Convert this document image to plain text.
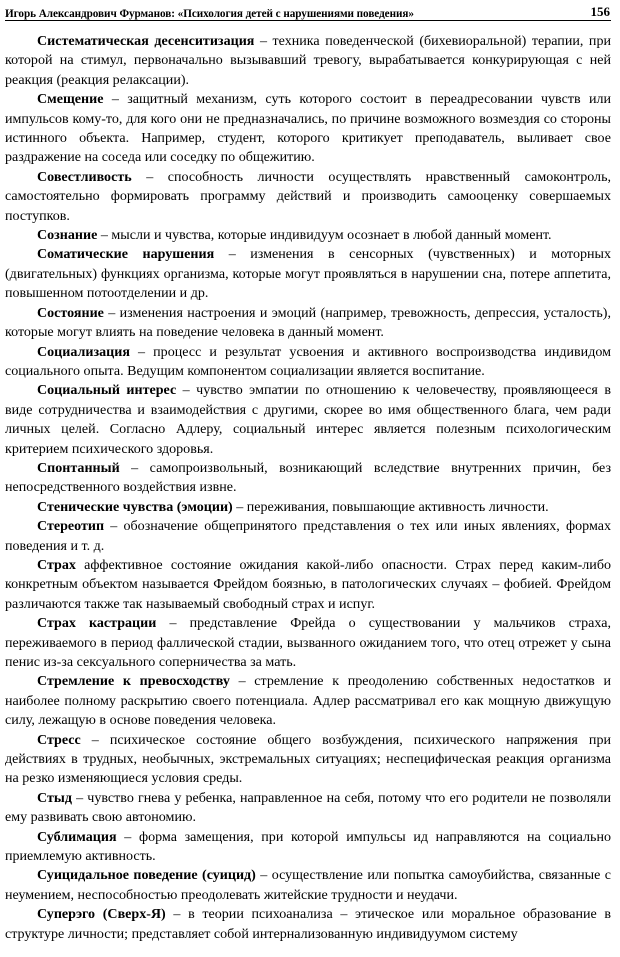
Игорь Александрович Фурманов: «Психология детей с нарушениями поведения»	156

Систематическая десенситизация – техника поведенческой (бихевиоральной) терапии, при которой на стимул, первоначально вызывавший тревогу, вырабатывается конкурирующая с ней реакция (реакция релаксации).

Смещение – защитный механизм, суть которого состоит в переадресовании чувств или импульсов кому-то, для кого они не предназначались, по причине возможного возмездия со стороны истинного объекта. Например, студент, которого критикует преподаватель, выливает свое раздражение на соседа или соседку по общежитию.

Совестливость – способность личности осуществлять нравственный самоконтроль, самостоятельно формировать программу действий и производить самооценку совершаемых поступков.

Сознание – мысли и чувства, которые индивидуум осознает в любой данный момент.

Соматические нарушения – изменения в сенсорных (чувственных) и моторных (двигательных) функциях организма, которые могут проявляться в нарушении сна, потере аппетита, повышенном потоотделении и др.

Состояние – изменения настроения и эмоций (например, тревожность, депрессия, усталость), которые могут влиять на поведение человека в данный момент.

Социализация – процесс и результат усвоения и активного воспроизводства индивидом социального опыта. Ведущим компонентом социализации является воспитание.

Социальный интерес – чувство эмпатии по отношению к человечеству, проявляющееся в виде сотрудничества и взаимодействия с другими, скорее во имя общественного блага, чем ради личных целей. Согласно Адлеру, социальный интерес является полезным психологическим критерием психического здоровья.

Спонтанный – самопроизвольный, возникающий вследствие внутренних причин, без непосредственного воздействия извне.

Стенические чувства (эмоции) – переживания, повышающие активность личности.

Стереотип – обозначение общепринятого представления о тех или иных явлениях, формах поведения и т. д.

Страх аффективное состояние ожидания какой-либо опасности. Страх перед каким-либо конкретным объектом называется Фрейдом боязнью, в патологических случаях – фобией. Фрейдом различаются также так называемый свободный страх и испуг.

Страх кастрации – представление Фрейда о существовании у мальчиков страха, переживаемого в период фаллической стадии, вызванного ожиданием того, что отец отрежет у сына пенис из-за сексуального соперничества за мать.

Стремление к превосходству – стремление к преодолению собственных недостатков и наиболее полному раскрытию своего потенциала. Адлер рассматривал его как мощную движущую силу, лежащую в основе поведения человека.

Стресс – психическое состояние общего возбуждения, психического напряжения при действиях в трудных, необычных, экстремальных ситуациях; неспецифическая реакция организма на резко изменяющиеся условия среды.

Стыд – чувство гнева у ребенка, направленное на себя, потому что его родители не позволяли ему развивать свою автономию.

Сублимация – форма замещения, при которой импульсы ид направляются на социально приемлемую активность.

Суицидальное поведение (суицид) – осуществление или попытка самоубийства, связанные с неумением, неспособностью преодолевать житейские трудности и неудачи.

Суперэго (Сверх-Я) – в теории психоанализа – этическое или моральное образование в структуре личности; представляет собой интернализованную индивидуумом систему
